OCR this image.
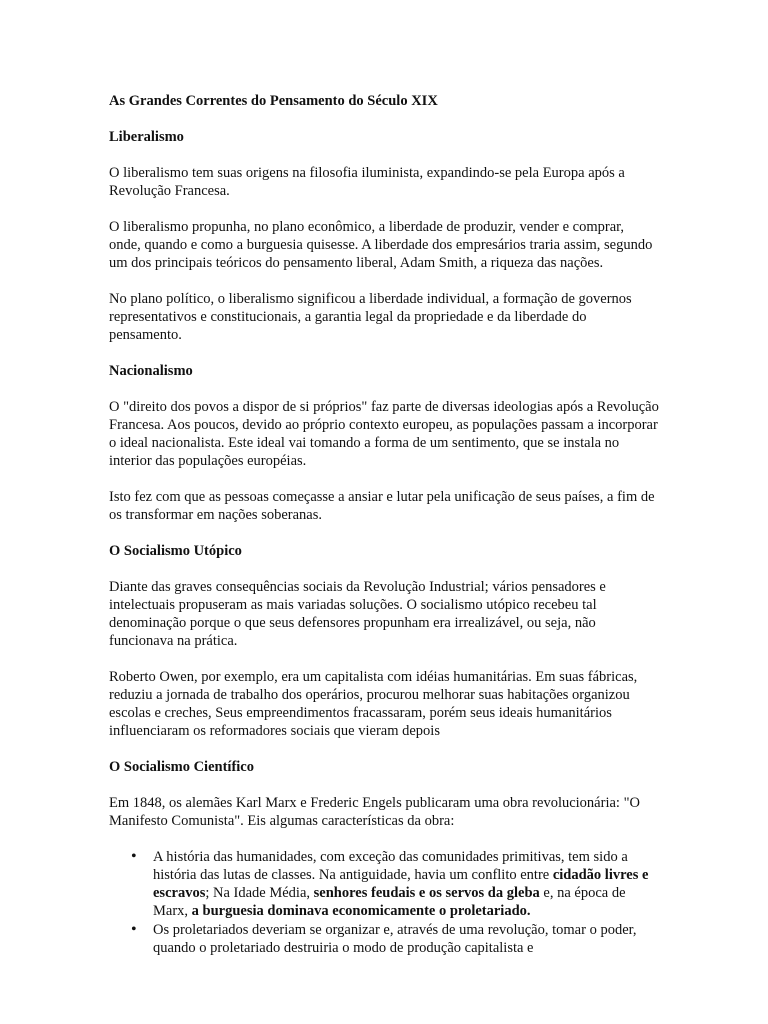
As Grandes Correntes do Pensamento do Século XIX
Liberalismo

O liberalismo tem suas origens na filosofia iluminista, expandindo-se pela Europa após a Revolução Francesa.

O liberalismo propunha, no plano econômico, a liberdade de produzir, vender e comprar, onde, quando e como a burguesia quisesse. A liberdade dos empresários traria assim, segundo um dos principais teóricos do pensamento liberal, Adam Smith, a riqueza das nações.

No plano político, o liberalismo significou a liberdade individual, a formação de governos representativos e constitucionais, a garantia legal da propriedade e da liberdade do pensamento.

Nacionalismo

O "direito dos povos a dispor de si próprios" faz parte de diversas ideologias após a Revolução Francesa. Aos poucos, devido ao próprio contexto europeu, as populações passam a incorporar o ideal nacionalista. Este ideal vai tomando a forma de um sentimento, que se instala no interior das populações européias.

Isto fez com que as pessoas começasse a ansiar e lutar pela unificação de seus países, a fim de os transformar em nações soberanas.

O Socialismo Utópico

Diante das graves consequências sociais da Revolução Industrial; vários pensadores e intelectuais propuseram as mais variadas soluções. O socialismo utópico recebeu tal denominação porque o que seus defensores propunham era irrealizável, ou seja, não funcionava na prática.

Roberto Owen, por exemplo, era um capitalista com idéias humanitárias. Em suas fábricas, reduziu a jornada de trabalho dos operários, procurou melhorar suas habitações organizou escolas e creches, Seus empreendimentos fracassaram, porém seus ideais humanitários influenciaram os reformadores sociais que vieram depois

O Socialismo Científico

Em 1848, os alemães Karl Marx e Frederic Engels publicaram uma obra revolucionária: "O Manifesto Comunista". Eis algumas características da obra:

• A história das humanidades, com exceção das comunidades primitivas, tem sido a história das lutas de classes. Na antiguidade, havia um conflito entre cidadão livres e escravos; Na Idade Média, senhores feudais e os servos da gleba e, na época de Marx, a burguesia dominava economicamente o proletariado.
• Os proletariados deveriam se organizar e, através de uma revolução, tomar o poder, quando o proletariado destruiria o modo de produção capitalista e
